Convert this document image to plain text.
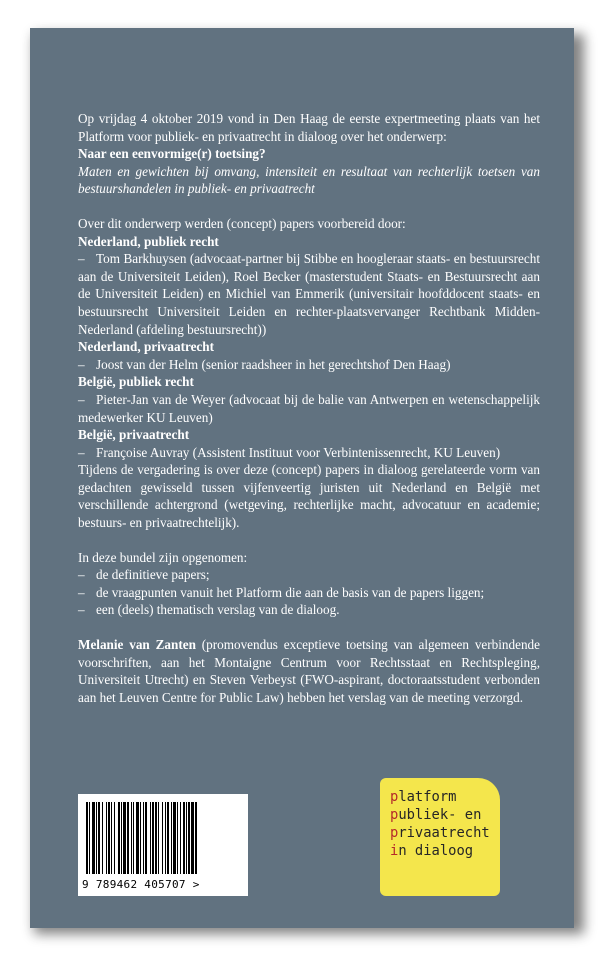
Op vrijdag 4 oktober 2019 vond in Den Haag de eerste expertmeeting plaats van het Platform voor publiek- en privaatrecht in dialoog over het onderwerp:

Naar een eenvormige(r) toetsing?

Maten en gewichten bij omvang, intensiteit en resultaat van rechterlijk toetsen van bestuurshandelen in publiek- en privaatrecht

Over dit onderwerp werden (concept) papers voorbereid door:

Nederland, publiek recht

– Tom Barkhuysen (advocaat-partner bij Stibbe en hoogleraar staats- en bestuursrecht aan de Universiteit Leiden), Roel Becker (masterstudent Staats- en Bestuursrecht aan de Universiteit Leiden) en Michiel van Emmerik (universitair hoofddocent staats- en bestuursrecht Universiteit Leiden en rechter-plaatsvervanger Rechtbank Midden-Nederland (afdeling bestuursrecht))

Nederland, privaatrecht

– Joost van der Helm (senior raadsheer in het gerechtshof Den Haag)

België, publiek recht

– Pieter-Jan van de Weyer (advocaat bij de balie van Antwerpen en wetenschappelijk medewerker KU Leuven)

België, privaatrecht

– Françoise Auvray (Assistent Instituut voor Verbintenissenrecht, KU Leuven)

Tijdens de vergadering is over deze (concept) papers in dialoog gerelateerde vorm van gedachten gewisseld tussen vijfenveertig juristen uit Nederland en België met verschillende achtergrond (wetgeving, rechterlijke macht, advocatuur en academie; bestuurs- en privaatrechtelijk).

In deze bundel zijn opgenomen:

– de definitieve papers;

– de vraagpunten vanuit het Platform die aan de basis van de papers liggen;

– een (deels) thematisch verslag van de dialoog.

Melanie van Zanten (promovendus exceptieve toetsing van algemeen verbindende voorschriften, aan het Montaigne Centrum voor Rechtsstaat en Rechtspleging, Universiteit Utrecht) en Steven Verbeyst (FWO-aspirant, doctoraatsstudent verbonden aan het Leuven Centre for Public Law) hebben het verslag van de meeting verzorgd.

9 789462 405707 >
platform
publiek- en
privaatrecht
in dialoog
